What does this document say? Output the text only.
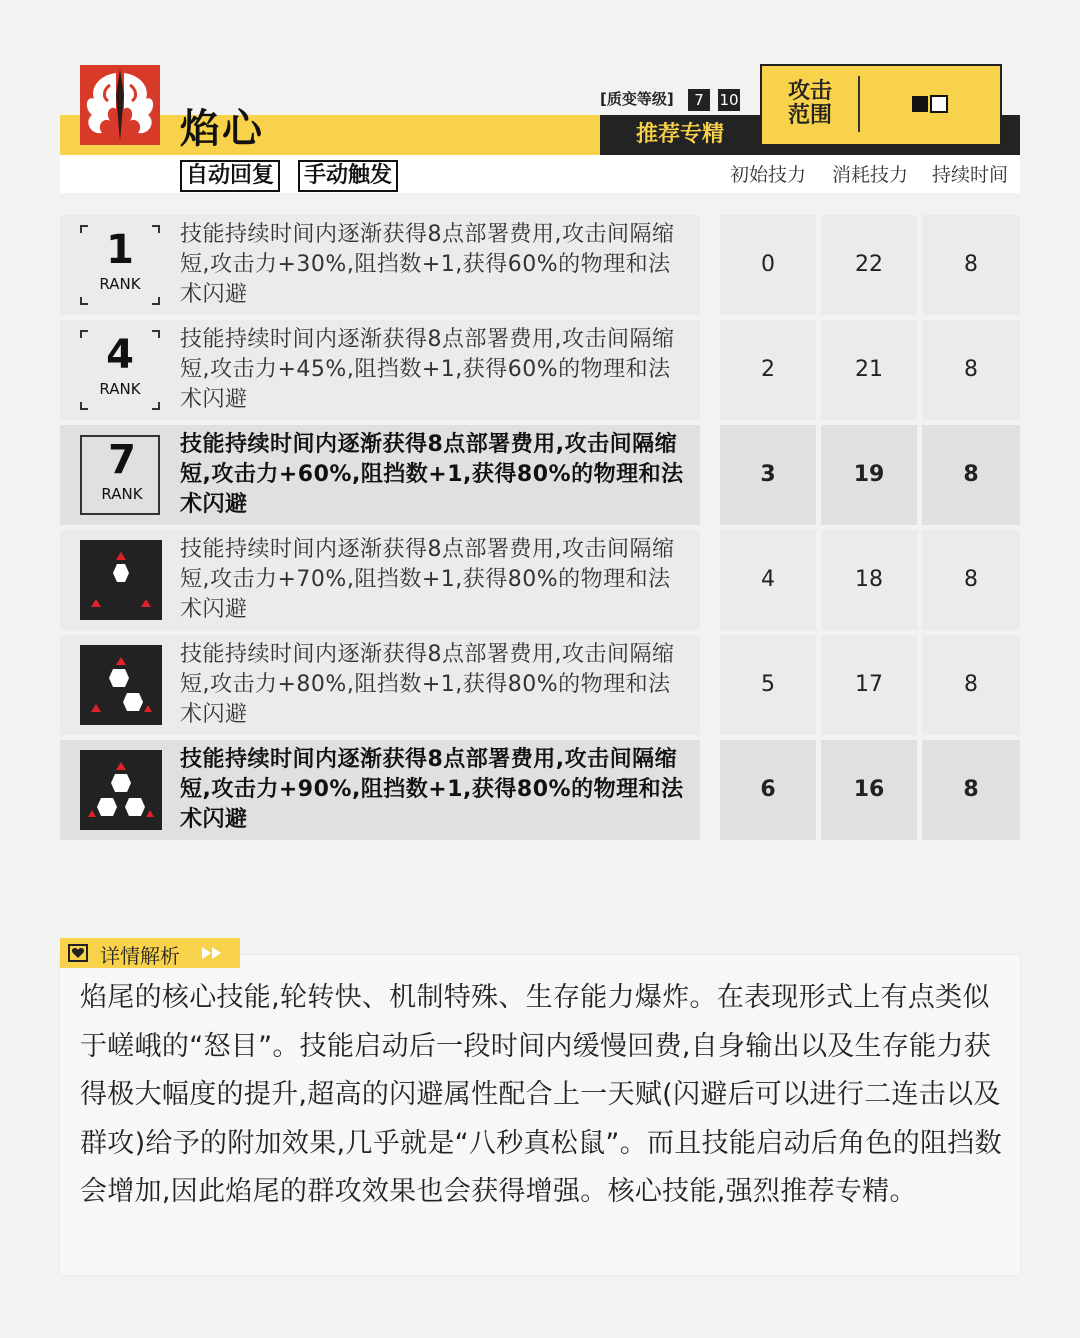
焰心
自动回复 手动触发
[质变等级]	7	10
推荐专精
攻击范围
初始技力	消耗技力	持续时间
1
RANK
技能持续时间内逐渐获得8点部署费用,攻击间隔缩短,攻击力+30%,阻挡数+1,获得60%的物理和法术闪避
0	22	8
4
RANK
技能持续时间内逐渐获得8点部署费用,攻击间隔缩短,攻击力+45%,阻挡数+1,获得60%的物理和法术闪避
2	21	8
7
RANK
技能持续时间内逐渐获得8点部署费用,攻击间隔缩短,攻击力+60%,阻挡数+1,获得80%的物理和法术闪避
3	19	8
技能持续时间内逐渐获得8点部署费用,攻击间隔缩短,攻击力+70%,阻挡数+1,获得80%的物理和法术闪避
4	18	8
技能持续时间内逐渐获得8点部署费用,攻击间隔缩短,攻击力+80%,阻挡数+1,获得80%的物理和法术闪避
5	17	8
技能持续时间内逐渐获得8点部署费用,攻击间隔缩短,攻击力+90%,阻挡数+1,获得80%的物理和法术闪避
6	16	8
详情解析
焰尾的核心技能,轮转快、机制特殊、生存能力爆炸。在表现形式上有点类似于嵯峨的“怒目”。技能启动后一段时间内缓慢回费,自身输出以及生存能力获得极大幅度的提升,超高的闪避属性配合上一天赋(闪避后可以进行二连击以及群攻)给予的附加效果,几乎就是“八秒真松鼠”。而且技能启动后角色的阻挡数会增加,因此焰尾的群攻效果也会获得增强。核心技能,强烈推荐专精。
